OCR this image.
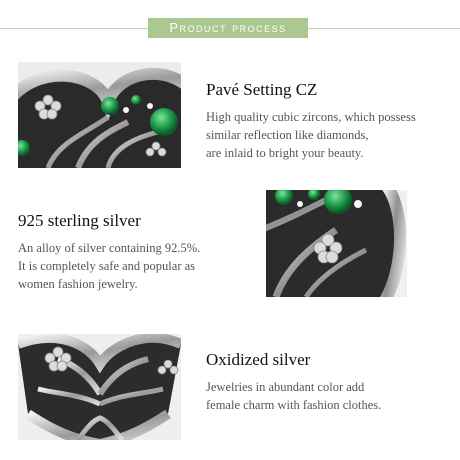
Product process
Pavé Setting CZ
High quality cubic zircons, which possess
similar reflection like diamonds,
are inlaid to bright your beauty.
925 sterling silver
An alloy of silver containing 92.5%.
It is completely safe and popular as
women fashion jewelry.
Oxidized silver
Jewelries in abundant color add
female charm with fashion clothes.
